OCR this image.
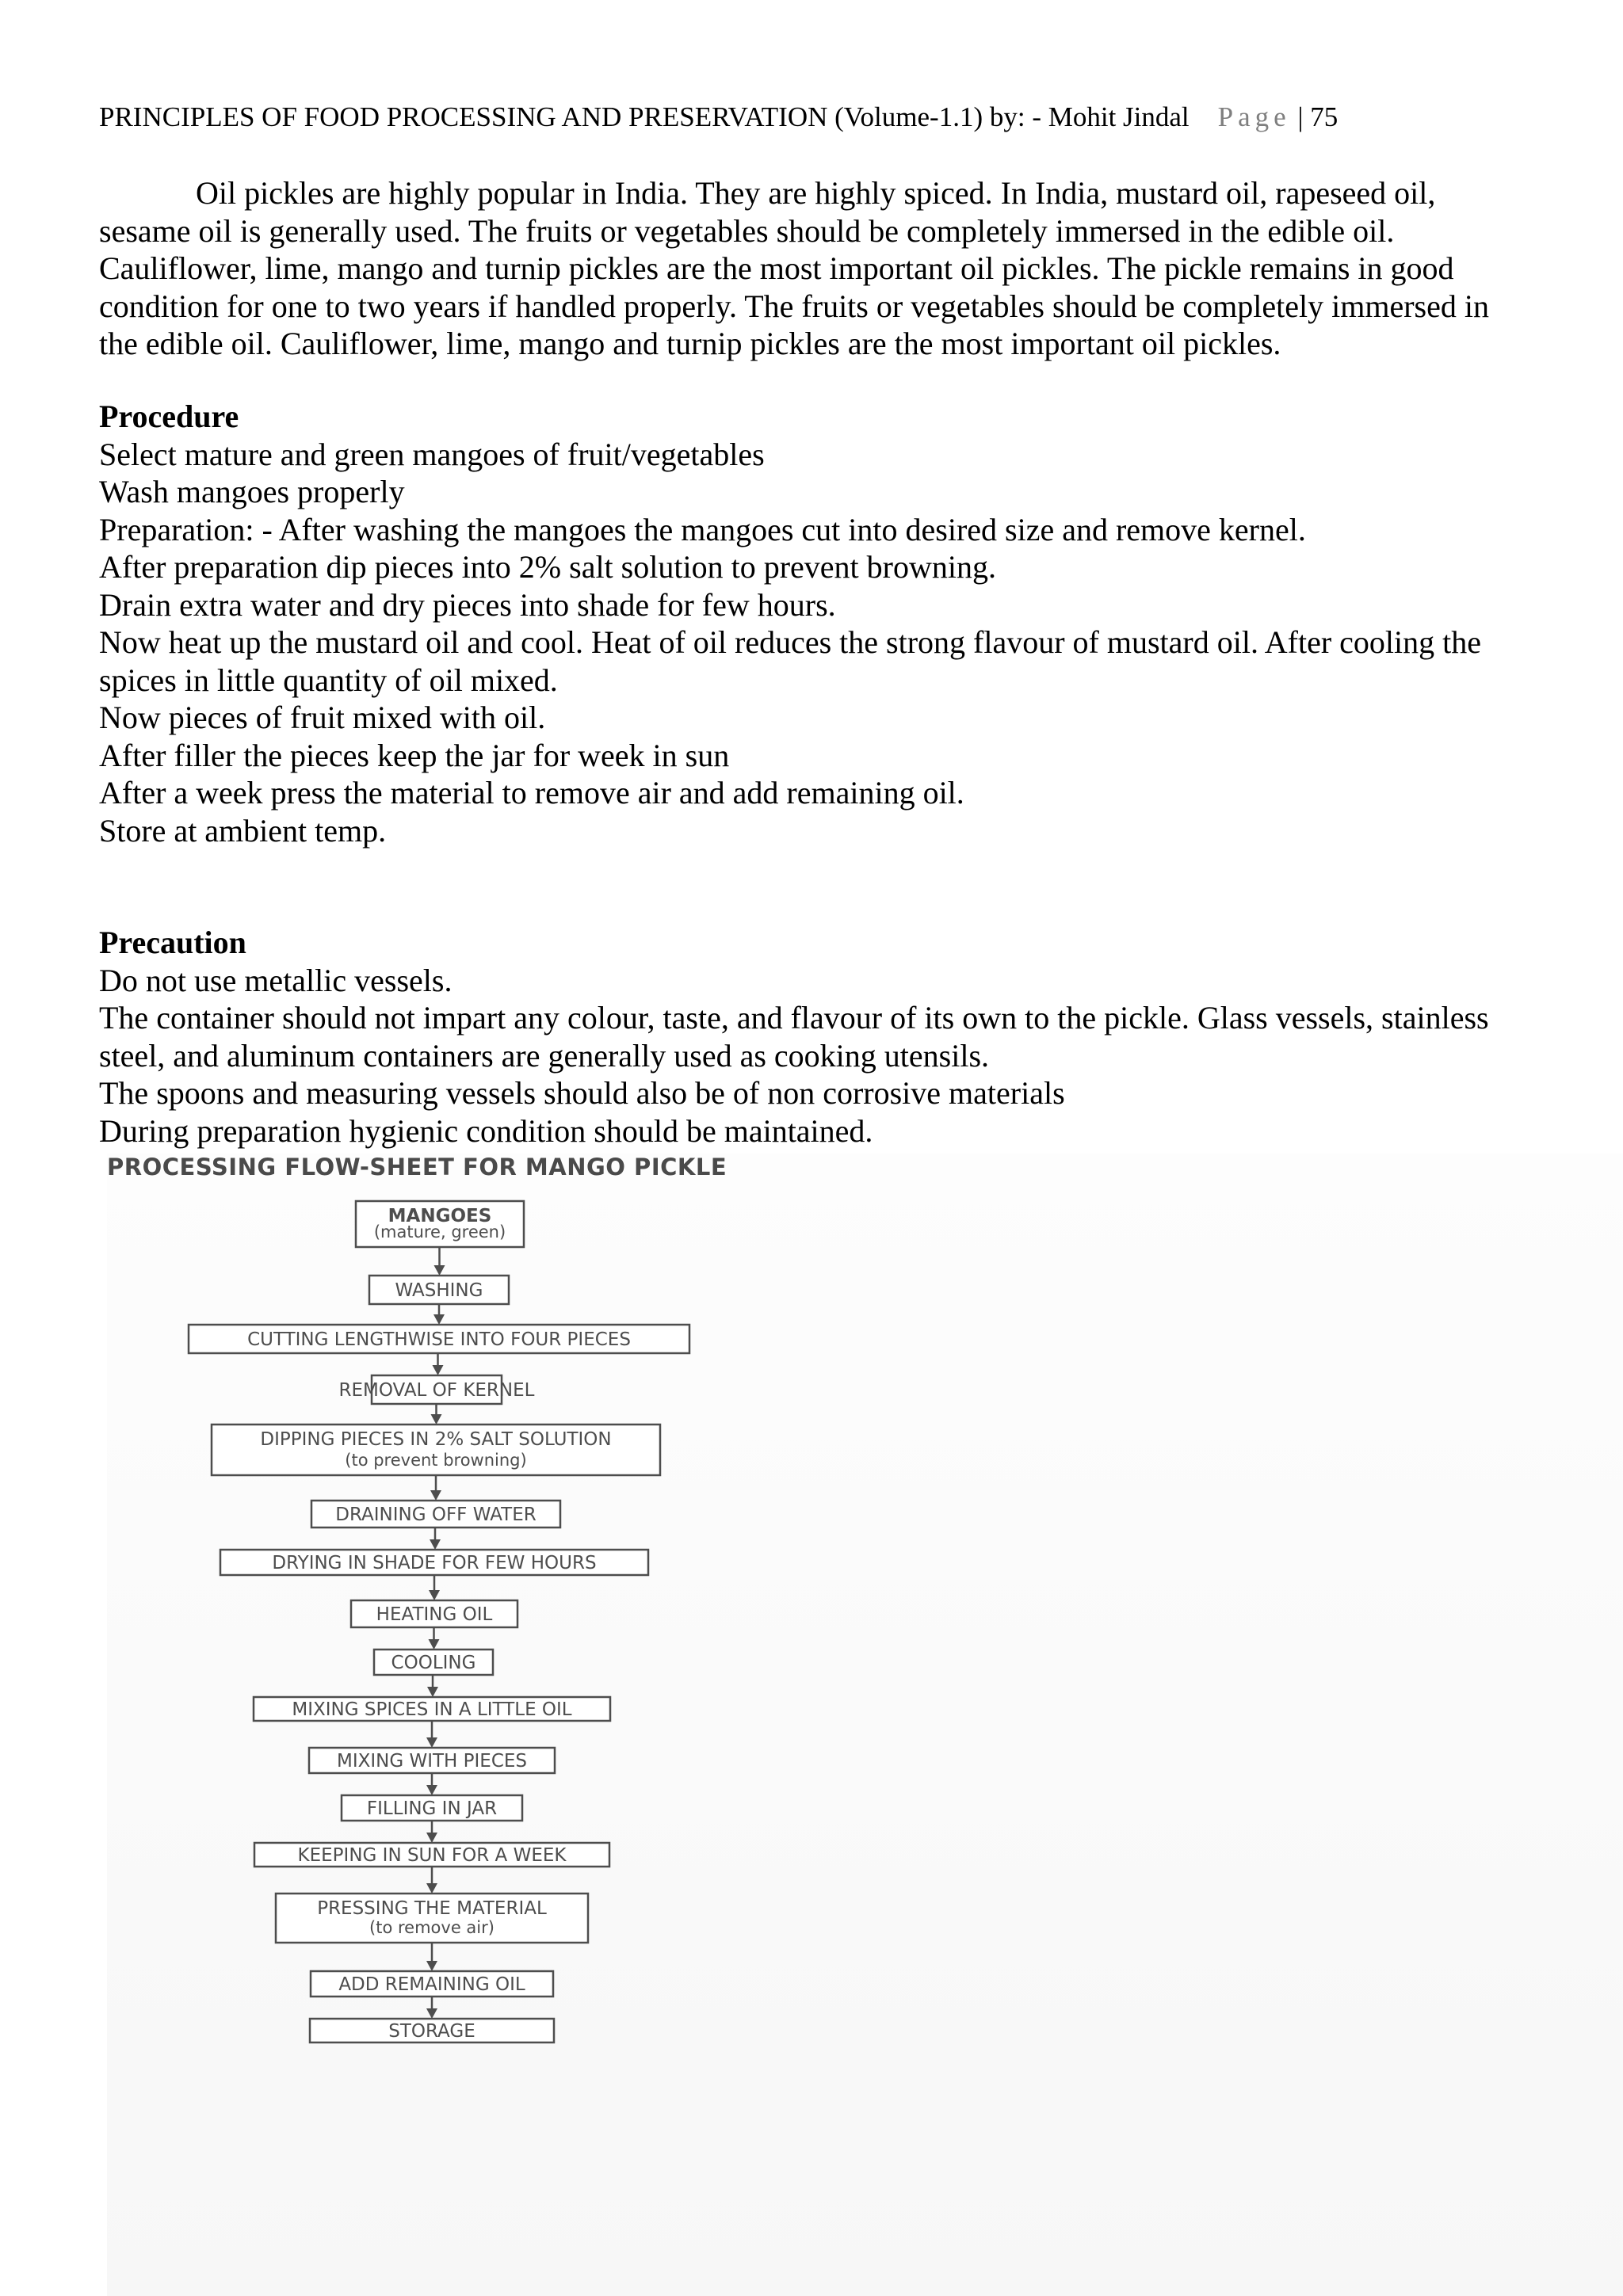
PRINCIPLES OF FOOD PROCESSING AND PRESERVATION (Volume-1.1) by: - Mohit Jindal Page | 75

Oil pickles are highly popular in India. They are highly spiced. In India, mustard oil, rapeseed oil, sesame oil is generally used. The fruits or vegetables should be completely immersed in the edible oil. Cauliflower, lime, mango and turnip pickles are the most important oil pickles. The pickle remains in good condition for one to two years if handled properly. The fruits or vegetables should be completely immersed in the edible oil. Cauliflower, lime, mango and turnip pickles are the most important oil pickles.

Procedure

Select mature and green mangoes of fruit/vegetables

Wash mangoes properly

Preparation: - After washing the mangoes the mangoes cut into desired size and remove kernel.

After preparation dip pieces into 2% salt solution to prevent browning.

Drain extra water and dry pieces into shade for few hours.

Now heat up the mustard oil and cool. Heat of oil reduces the strong flavour of mustard oil. After cooling the spices in little quantity of oil mixed.

Now pieces of fruit mixed with oil.

After filler the pieces keep the jar for week in sun

After a week press the material to remove air and add remaining oil.

Store at ambient temp.

Precaution

Do not use metallic vessels.

The container should not impart any colour, taste, and flavour of its own to the pickle. Glass vessels, stainless steel, and aluminum containers are generally used as cooking utensils.

The spoons and measuring vessels should also be of non corrosive materials

During preparation hygienic condition should be maintained.

MANGOES
(mature, green)
WASHING
CUTTING LENGTHWISE INTO FOUR PIECES
REMOVAL OF KERNEL
DIPPING PIECES IN 2% SALT SOLUTION
(to prevent browning)
DRAINING OFF WATER
DRYING IN SHADE FOR FEW HOURS
HEATING OIL
COOLING
MIXING SPICES IN A LITTLE OIL
MIXING WITH PIECES
FILLING IN JAR
KEEPING IN SUN FOR A WEEK
PRESSING THE MATERIAL
(to remove air)
ADD REMAINING OIL
STORAGE
PROCESSING FLOW-SHEET FOR MANGO PICKLE
